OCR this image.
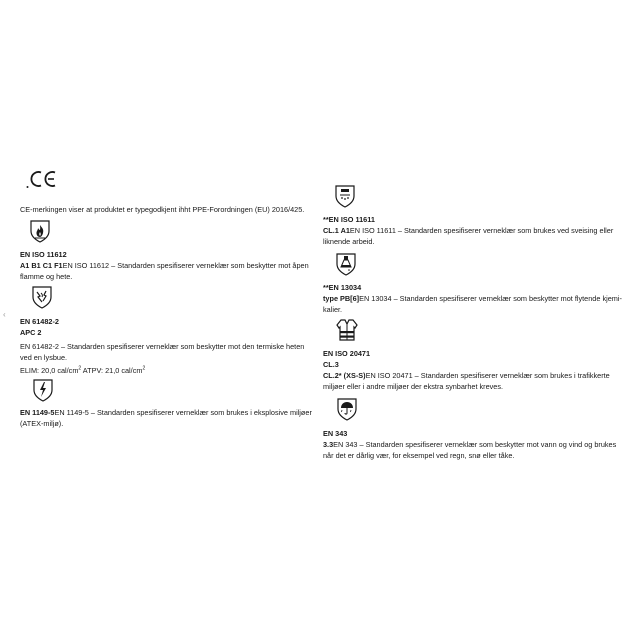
‹
CE-merkingen viser at produktet er typegodkjent ihht PPE-Forordningen (EU) 2016/425.
EN ISO 11612
A1 B1 C1 F1EN ISO 11612 – Standarden spesifiserer verneklær som beskytter mot åpen
flamme og hete.
EN 61482-2
APC 2
EN 61482-2 – Standarden spesifiserer verneklær som beskytter mot den termiske heten
ved en lysbue.
ELIM: 20,0 cal/$cm^2$ ATPV: 21,0 cal/$cm^2$
EN 1149-5EN 1149-5 – Standarden spesifiserer verneklær som brukes i eksplosive miljøer
(ATEX-miljø).
**EN ISO 11611
CL.1 A1EN ISO 11611 – Standarden spesifiserer verneklær som brukes ved sveising eller
liknende arbeid.
**EN 13034
type PB[6]EN 13034 – Standarden spesifiserer verneklær som beskytter mot flytende kjemi-
kalier.
EN ISO 20471
CL.3
CL.2* (XS-S)EN ISO 20471 – Standarden spesifiserer verneklær som brukes i trafikkerte
miljøer eller i andre miljøer der ekstra synbarhet kreves.
EN 343
3.3EN 343 – Standarden spesifiserer verneklær som beskytter mot vann og vind og brukes
når det er dårlig vær, for eksempel ved regn, snø eller tåke.
